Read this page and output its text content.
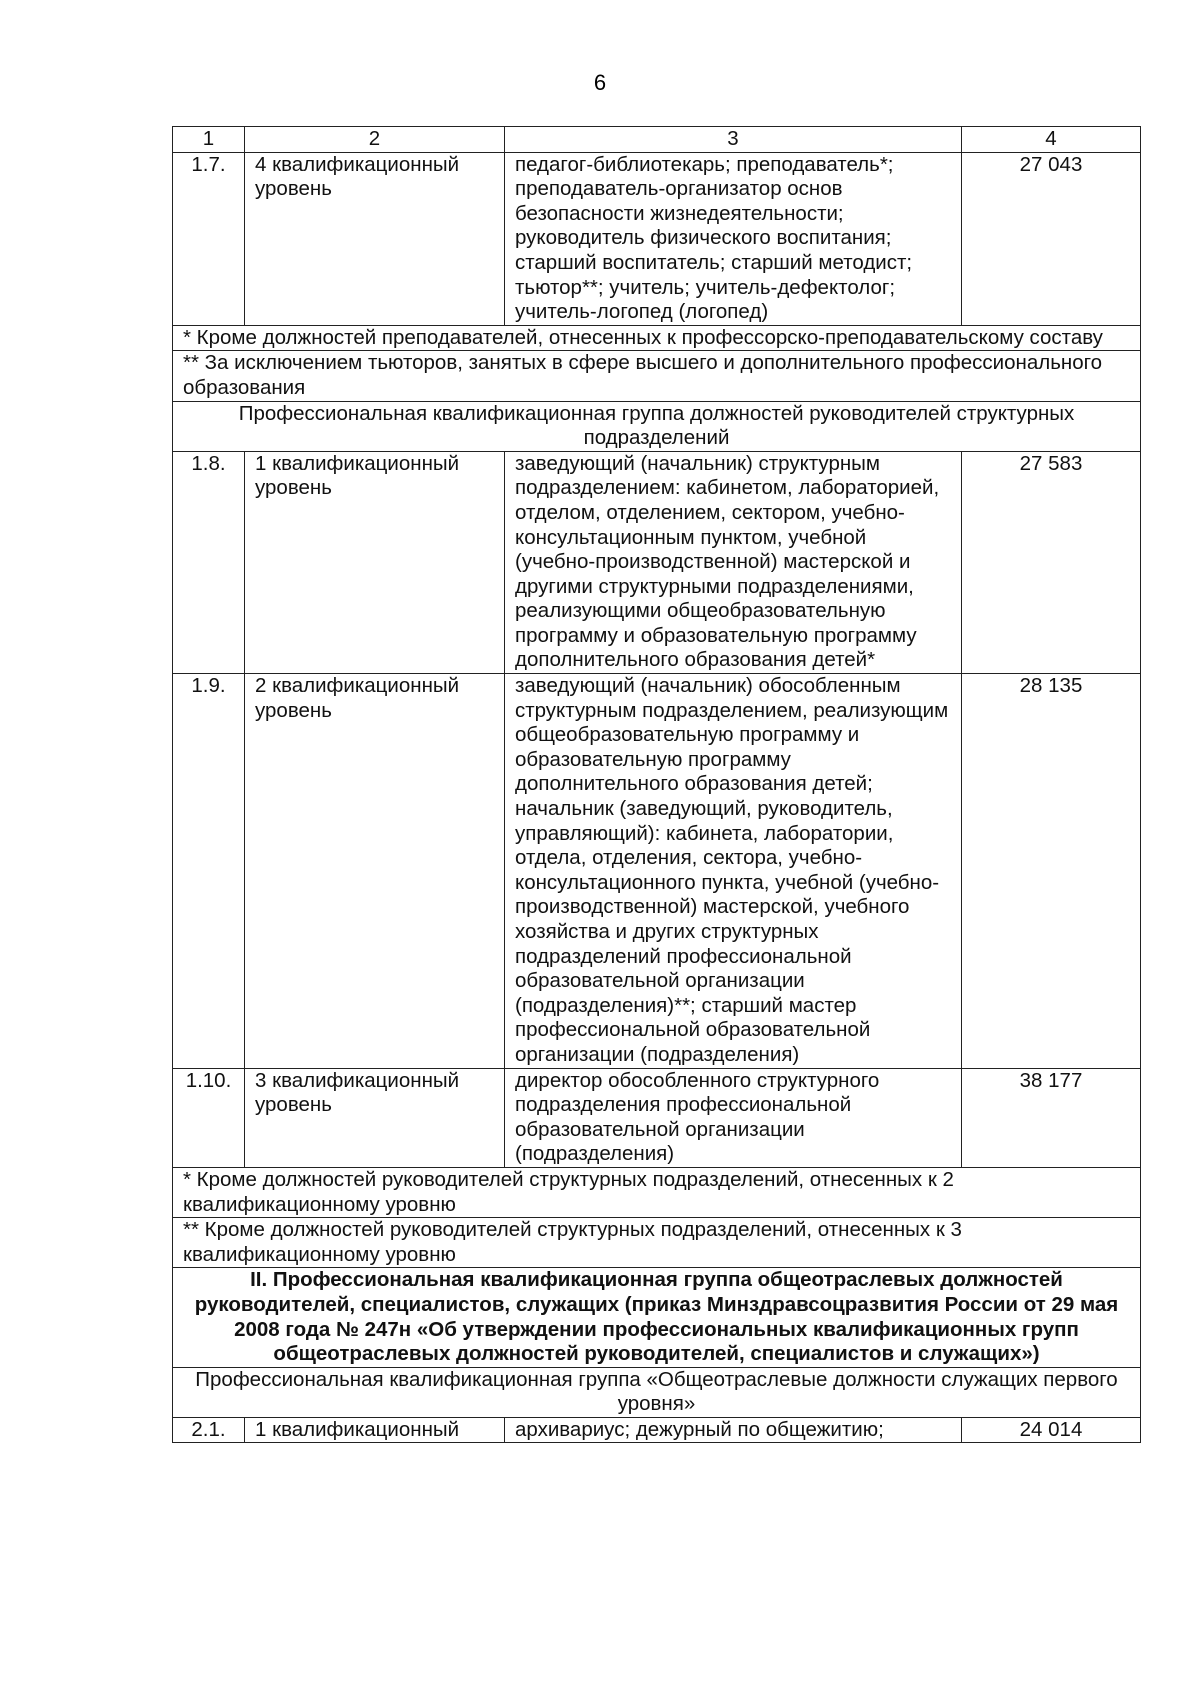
6
1	2	3	4
1.7.	4 квалификационный уровень	педагог-библиотекарь; преподаватель*; преподаватель-организатор основ безопасности жизнедеятельности; руководитель физического воспитания; старший воспитатель; старший методист; тьютор**; учитель; учитель-дефектолог; учитель-логопед (логопед)	27 043
* Кроме должностей преподавателей, отнесенных к профессорско-преподавательскому составу			
** За исключением тьюторов, занятых в сфере высшего и дополнительного профессионального образования			
Профессиональная квалификационная группа должностей руководителей структурных подразделений			
1.8.	1 квалификационный уровень	заведующий (начальник) структурным подразделением: кабинетом, лабораторией, отделом, отделением, сектором, учебно-консультационным пунктом, учебной (учебно-производственной) мастерской и другими структурными подразделениями, реализующими общеобразовательную программу и образовательную программу дополнительного образования детей*	27 583
1.9.	2 квалификационный уровень	заведующий (начальник) обособленным структурным подразделением, реализующим общеобразовательную программу и образовательную программу дополнительного образования детей; начальник (заведующий, руководитель, управляющий): кабинета, лаборатории, отдела, отделения, сектора, учебно-консультационного пункта, учебной (учебно-производственной) мастерской, учебного хозяйства и других структурных подразделений профессиональной образовательной организации (подразделения)**; старший мастер профессиональной образовательной организации (подразделения)	28 135
1.10.	3 квалификационный уровень	директор обособленного структурного подразделения профессиональной образовательной организации (подразделения)	38 177
* Кроме должностей руководителей структурных подразделений, отнесенных к 2 квалификационному уровню			
** Кроме должностей руководителей структурных подразделений, отнесенных к 3 квалификационному уровню			
II. Профессиональная квалификационная группа общеотраслевых должностей руководителей, специалистов, служащих (приказ Минздравсоцразвития России от 29 мая 2008 года № 247н «Об утверждении профессиональных квалификационных групп общеотраслевых должностей руководителей, специалистов и служащих»)			
Профессиональная квалификационная группа «Общеотраслевые должности служащих первого уровня»			
2.1.	1 квалификационный	архивариус; дежурный по общежитию;	24 014
